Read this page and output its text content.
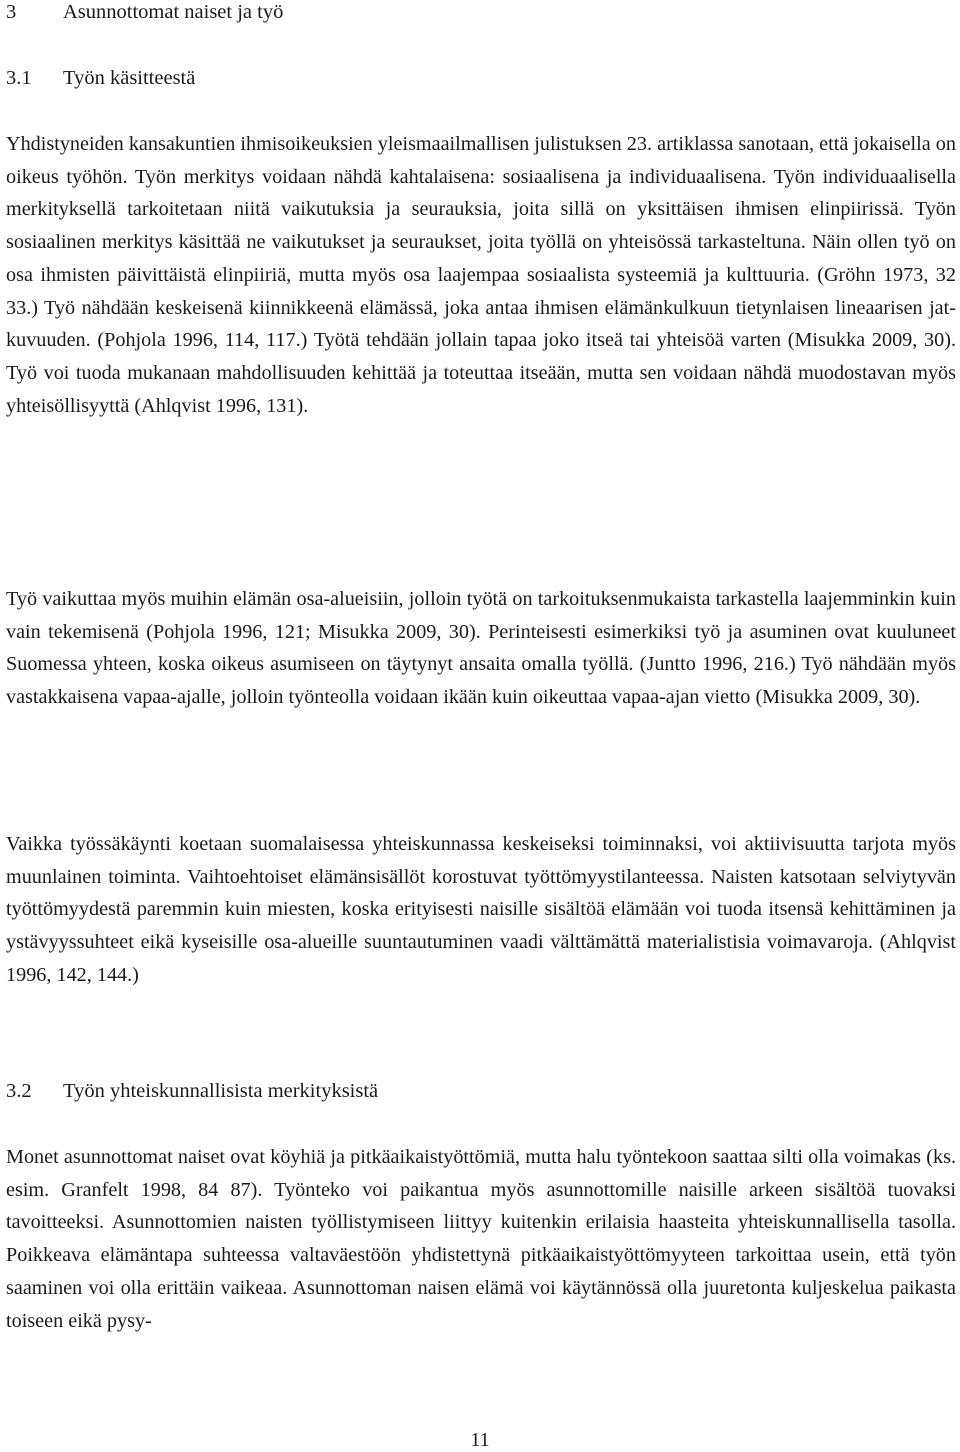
3 Asunnottomat naiset ja työ
3.1 Työn käsitteestä

Yhdistyneiden kansakuntien ihmisoikeuksien yleismaailmallisen julistuksen 23. artiklassa sanotaan, että jokaisella on oikeus työhön. Työn merkitys voidaan nähdä kahtalaisena: sosiaalisena ja individuaalisena. Työn individuaalisella merkityksellä tarkoitetaan niitä vaikutuksia ja seurauksia, joita sillä on yksittäisen ihmisen elinpiirissä. Työn sosiaalinen merkitys käsittää ne vaikutukset ja seuraukset, joita työllä on yhteisössä tarkasteltuna. Näin ollen työ on osa ihmisten päivittäistä elinpiiriä, mutta myös osa laajempaa sosiaalista systeemiä ja kulttuuria. (Gröhn 1973, 32 33.) Työ nähdään keskeisenä kiinnikkeenä elämässä, joka antaa ihmisen elämänkulkuun tietynlaisen lineaarisen jatkuvuuden. (Pohjola 1996, 114, 117.) Työtä tehdään jollain tapaa joko itseä tai yhteisöä varten (Misukka 2009, 30). Työ voi tuoda mukanaan mahdollisuuden kehittää ja toteuttaa itseään, mutta sen voidaan nähdä muodostavan myös yhteisöllisyyttä (Ahlqvist 1996, 131).

Työ vaikuttaa myös muihin elämän osa-alueisiin, jolloin työtä on tarkoituksenmukaista tarkastella laajemminkin kuin vain tekemisenä (Pohjola 1996, 121; Misukka 2009, 30). Perinteisesti esimerkiksi työ ja asuminen ovat kuuluneet Suomessa yhteen, koska oikeus asumiseen on täytynyt ansaita omalla työllä. (Juntto 1996, 216.) Työ nähdään myös vastakkaisena vapaa-ajalle, jolloin työnteolla voidaan ikään kuin oikeuttaa vapaa-ajan vietto (Misukka 2009, 30).

Vaikka työssäkäynti koetaan suomalaisessa yhteiskunnassa keskeiseksi toiminnaksi, voi aktiivisuutta tarjota myös muunlainen toiminta. Vaihtoehtoiset elämänsisällöt korostuvat työttömyystilanteessa. Naisten katsotaan selviytyvän työttömyydestä paremmin kuin miesten, koska erityisesti naisille sisältöä elämään voi tuoda itsensä kehittäminen ja ystävyyssuhteet eikä kyseisille osa-alueille suuntautuminen vaadi välttämättä materialistisia voimavaroja. (Ahlqvist 1996, 142, 144.)

3.2 Työn yhteiskunnallisista merkityksistä

Monet asunnottomat naiset ovat köyhiä ja pitkäaikaistyöttömiä, mutta halu työntekoon saattaa silti olla voimakas (ks. esim. Granfelt 1998, 84 87). Työnteko voi paikantua myös asunnottomille naisille arkeen sisältöä tuovaksi tavoitteeksi. Asunnottomien naisten työllistymiseen liittyy kuitenkin erilaisia haasteita yhteiskunnallisella tasolla. Poikkeava elämäntapa suhteessa valtaväestöön yhdistettynä pitkäaikaistyöttömyyteen tarkoittaa usein, että työn saaminen voi olla erittäin vaikeaa. Asunnottoman naisen elämä voi käytännössä olla juuretonta kuljeskelua paikasta toiseen eikä pysy-

11
